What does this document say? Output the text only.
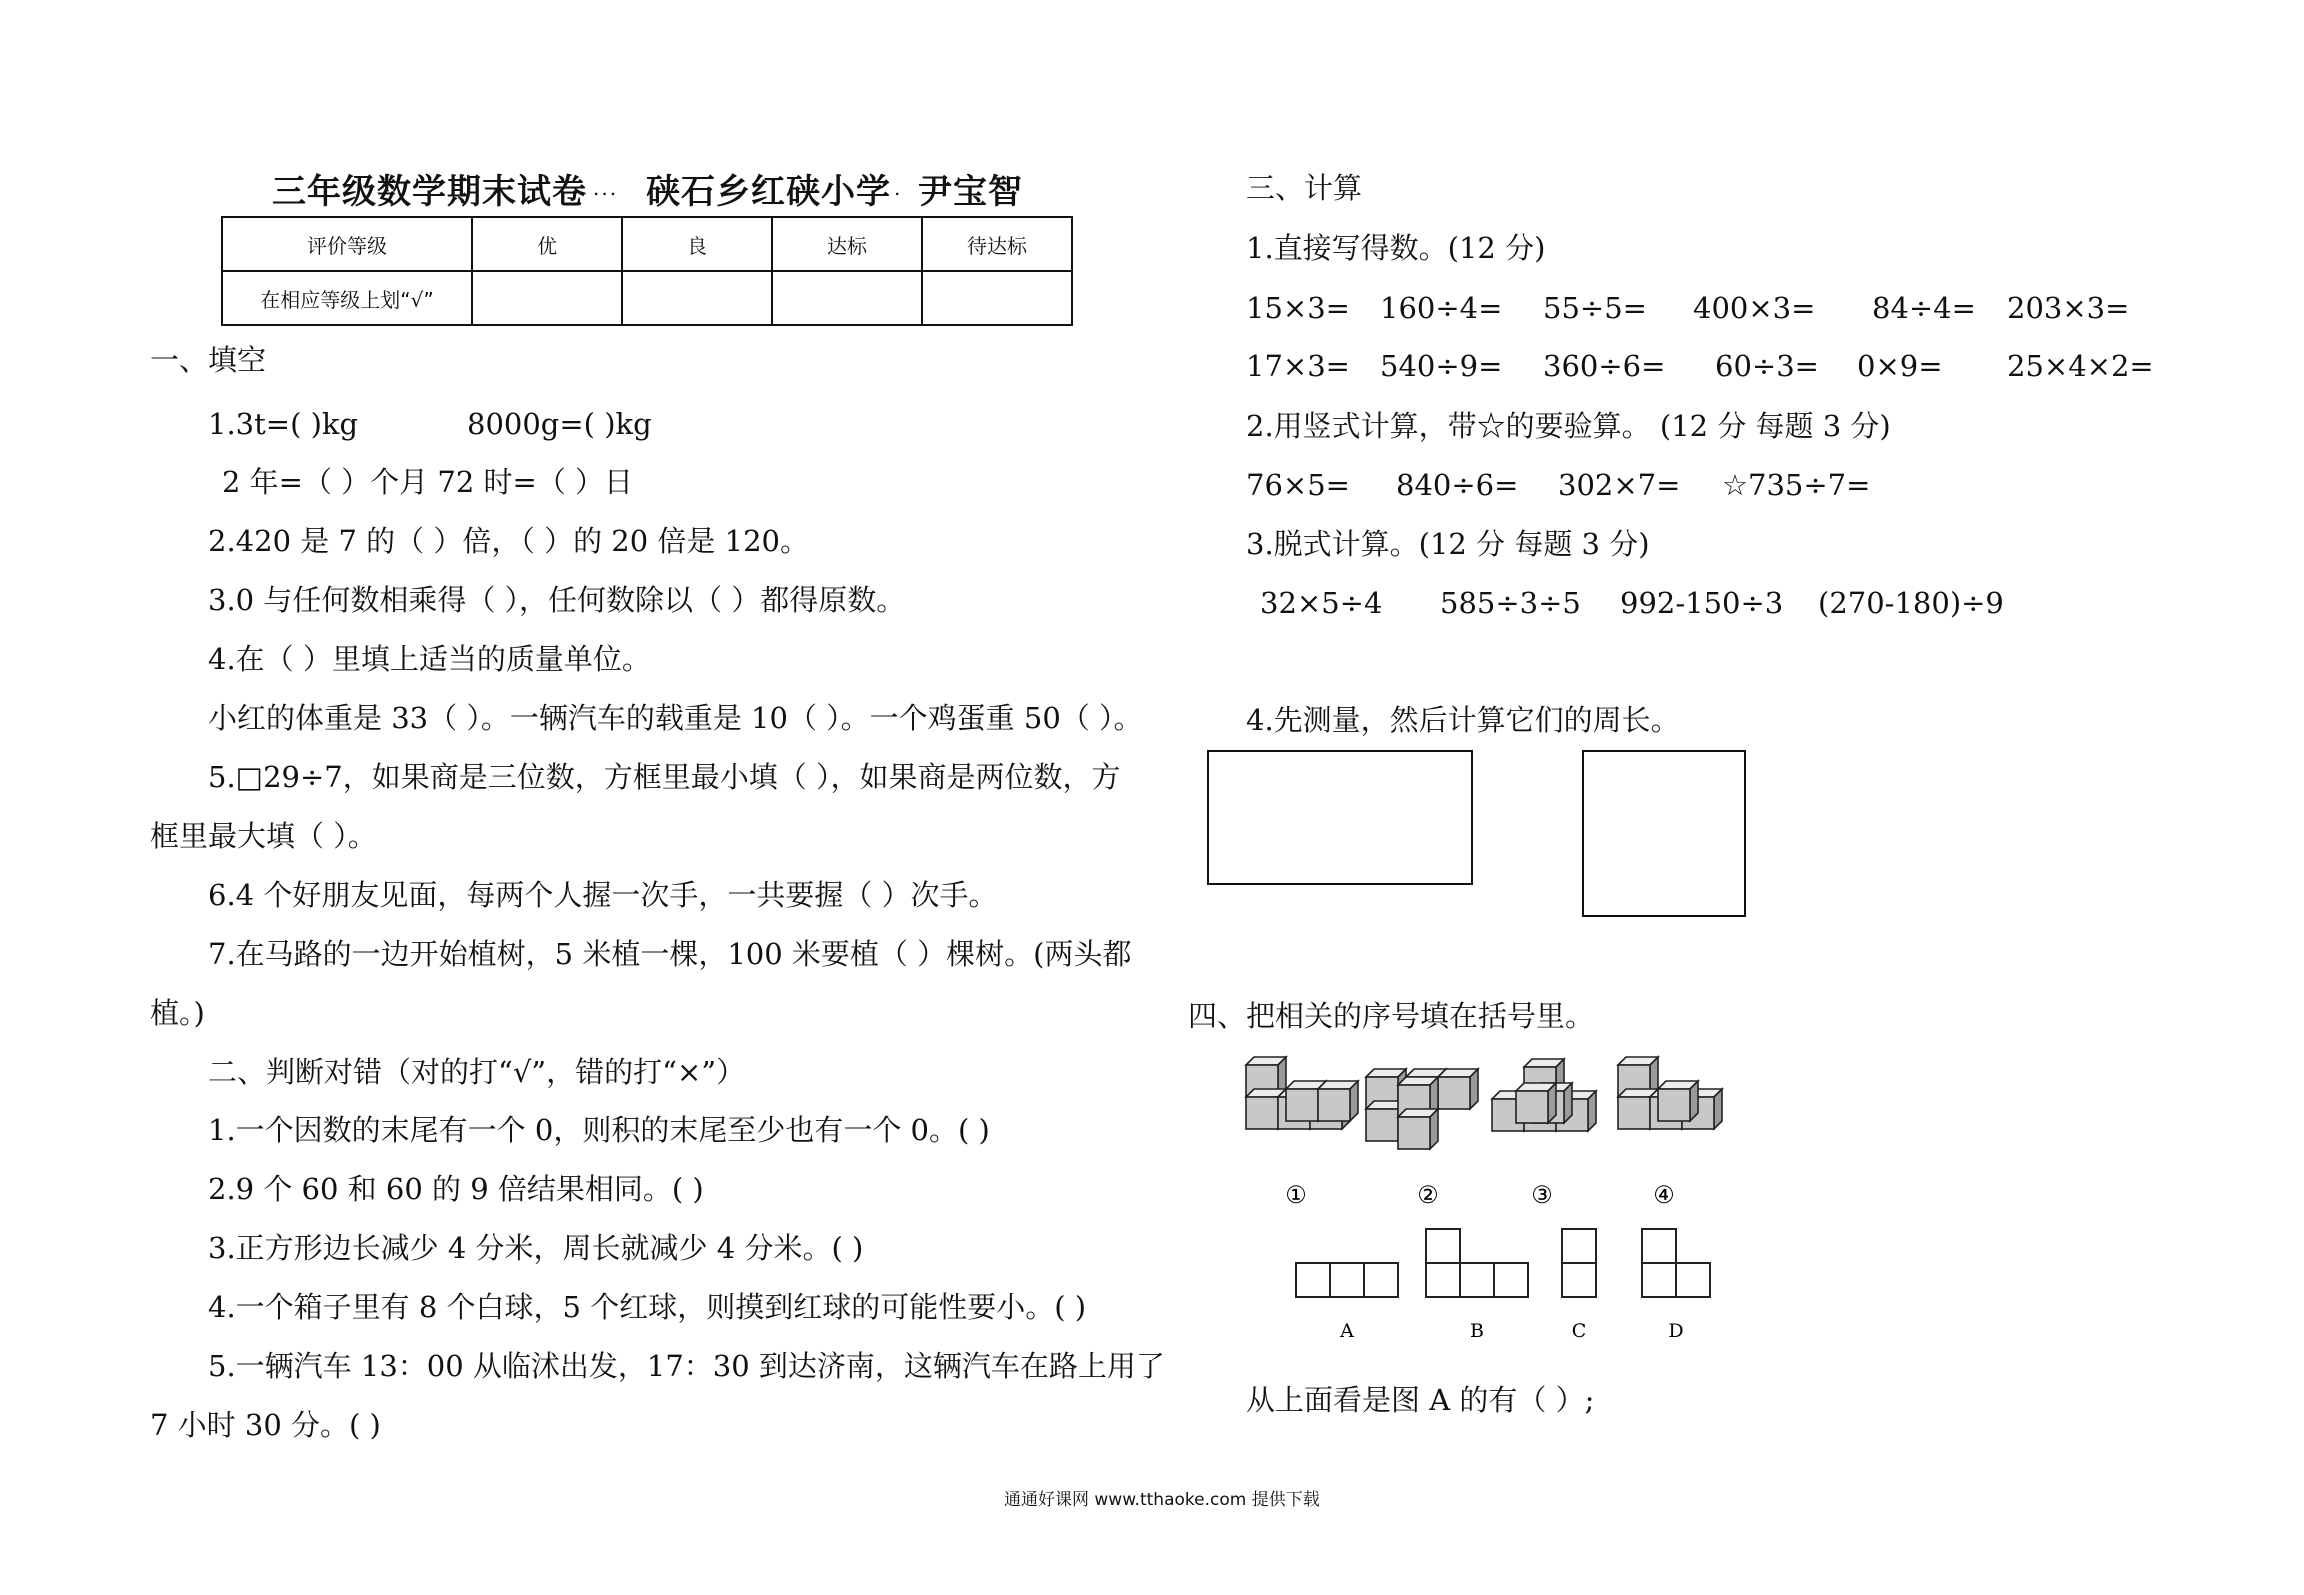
三年级数学期末试卷 ... 硖石乡红硖小学 . 尹宝智
评价等级	优	良	达标	待达标
在相应等级上划“√”				
一、填空
1.3t=( )kg	8000g=( )kg
2 年=（ ）个月 72 时=（ ）日
2.420 是 7 的（ ）倍，（ ）的 20 倍是 120。
3.0 与任何数相乘得（ ），任何数除以（ ）都得原数。
4.在（ ）里填上适当的质量单位。
小红的体重是 33（ ）。一辆汽车的载重是 10（ ）。一个鸡蛋重 50（ ）。
5.□29÷7，如果商是三位数，方框里最小填（ ），如果商是两位数，方
框里最大填（ ）。
6.4 个好朋友见面，每两个人握一次手，一共要握（ ）次手。
7.在马路的一边开始植树，5 米植一棵，100 米要植（ ）棵树。(两头都
植。)
二、判断对错（对的打“√”，错的打“×”）
1.一个因数的末尾有一个 0，则积的末尾至少也有一个 0。( )
2.9 个 60 和 60 的 9 倍结果相同。( )
3.正方形边长减少 4 分米，周长就减少 4 分米。( )
4.一个箱子里有 8 个白球，5 个红球，则摸到红球的可能性要小。( )
5.一辆汽车 13：00 从临沭出发，17：30 到达济南，这辆汽车在路上用了
7 小时 30 分。( )
三、计算
1.直接写得数。(12 分)
15×3= 160÷4= 55÷5= 400×3= 84÷4= 203×3=
17×3= 540÷9= 360÷6= 60÷3= 0×9= 25×4×2=
2.用竖式计算，带☆的要验算。 (12 分 每题 3 分)
76×5= 840÷6= 302×7= ☆735÷7=
3.脱式计算。(12 分 每题 3 分)
32×5÷4 585÷3÷5 992-150÷3 (270-180)÷9
4.先测量，然后计算它们的周长。
四、把相关的序号填在括号里。
①	②	③	④
A	B	C	D
从上面看是图 A 的有（ ）;
通通好课网 www.tthaoke.com 提供下载
